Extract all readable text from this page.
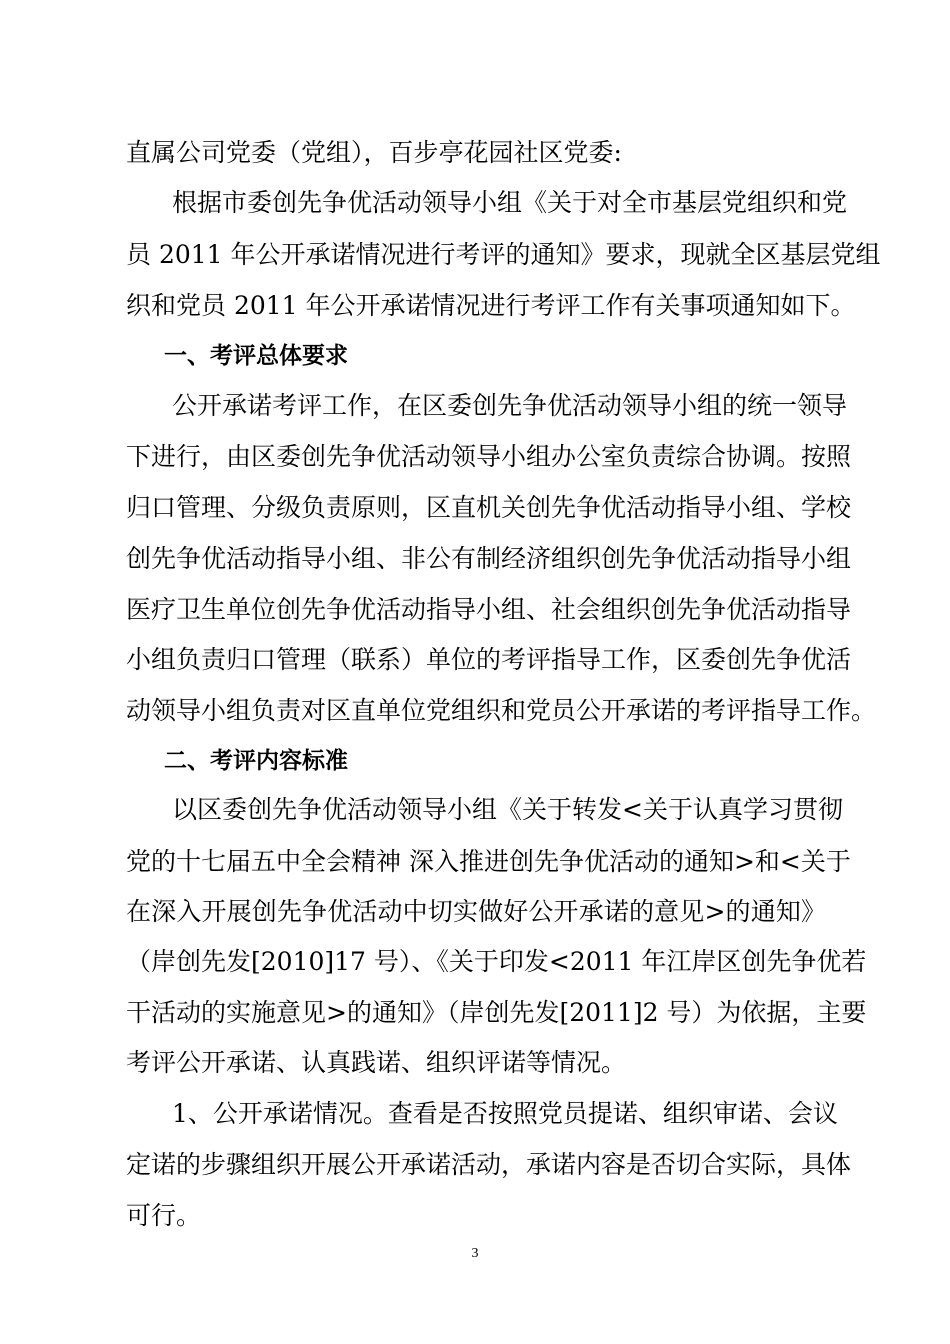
直属公司党委（党组），百步亭花园社区党委:
根据市委创先争优活动领导小组《关于对全市基层党组织和党
员 2011 年公开承诺情况进行考评的通知》要求，现就全区基层党组
织和党员 2011 年公开承诺情况进行考评工作有关事项通知如下。
一、考评总体要求
公开承诺考评工作，在区委创先争优活动领导小组的统一领导
下进行，由区委创先争优活动领导小组办公室负责综合协调。按照
归口管理、分级负责原则，区直机关创先争优活动指导小组、学校
创先争优活动指导小组、非公有制经济组织创先争优活动指导小组
医疗卫生单位创先争优活动指导小组、社会组织创先争优活动指导
小组负责归口管理（联系）单位的考评指导工作，区委创先争优活
动领导小组负责对区直单位党组织和党员公开承诺的考评指导工作。
二、考评内容标准
以区委创先争优活动领导小组《关于转发<关于认真学习贯彻
党的十七届五中全会精神 深入推进创先争优活动的通知>和<关于
在深入开展创先争优活动中切实做好公开承诺的意见>的通知》
（岸创先发[2010]17 号）、《关于印发<2011 年江岸区创先争优若
干活动的实施意见>的通知》（岸创先发[2011]2 号）为依据，主要
考评公开承诺、认真践诺、组织评诺等情况。
1、公开承诺情况。查看是否按照党员提诺、组织审诺、会议
定诺的步骤组织开展公开承诺活动，承诺内容是否切合实际，具体
可行。
3
